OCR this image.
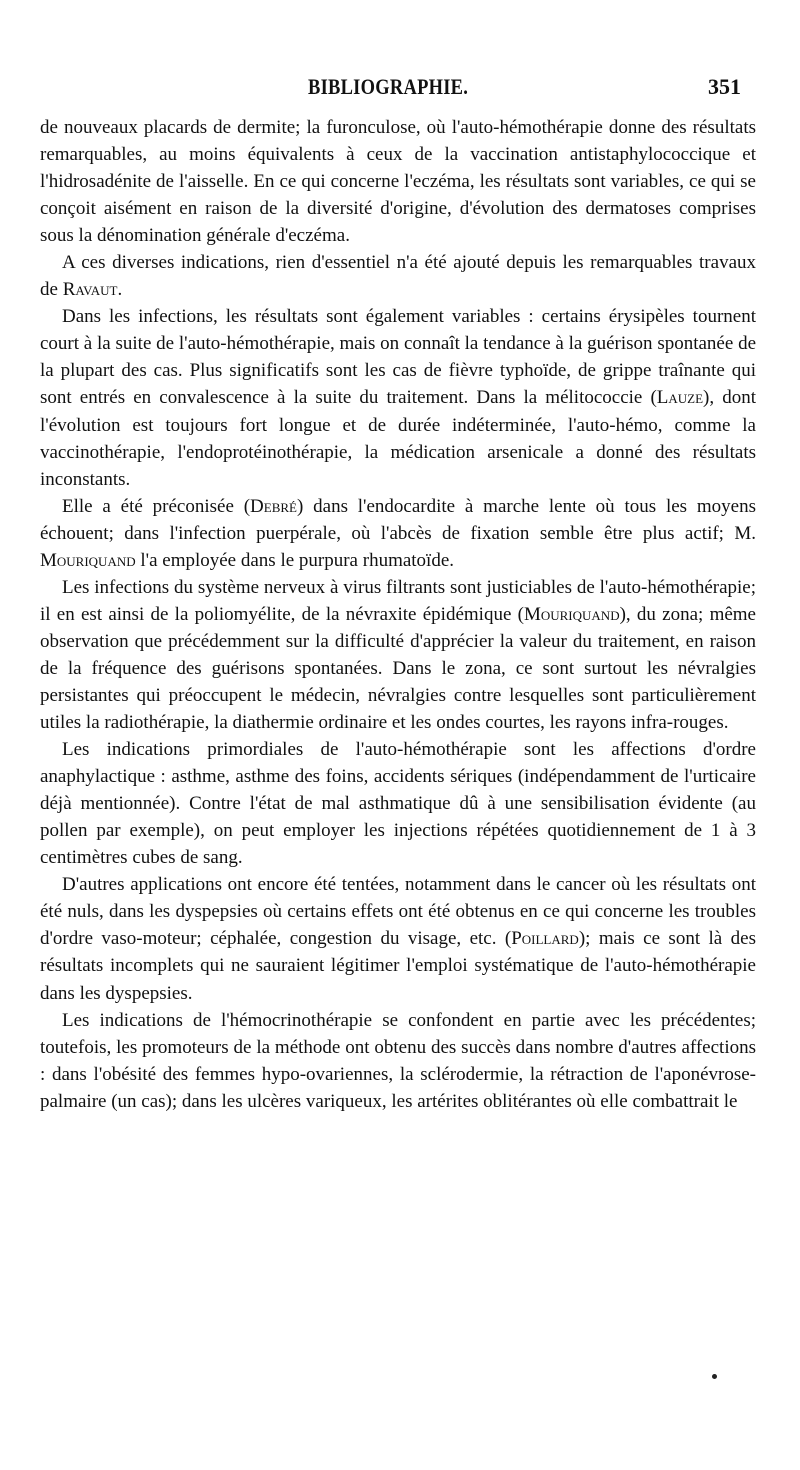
BIBLIOGRAPHIE.	351

de nouveaux placards de dermite; la furonculose, où l'auto-hémothérapie donne des résultats remarquables, au moins équivalents à ceux de la vaccination antistaphylococcique et l'hidrosadénite de l'aisselle. En ce qui concerne l'eczéma, les résultats sont variables, ce qui se conçoit aisément en raison de la diversité d'origine, d'évolution des dermatoses comprises sous la dénomination générale d'eczéma.

A ces diverses indications, rien d'essentiel n'a été ajouté depuis les remarquables travaux de Ravaut.

Dans les infections, les résultats sont également variables : certains érysipèles tournent court à la suite de l'auto-hémothérapie, mais on connaît la tendance à la guérison spontanée de la plupart des cas. Plus significatifs sont les cas de fièvre typhoïde, de grippe traînante qui sont entrés en convalescence à la suite du traitement. Dans la mélitococcie (Lauze), dont l'évolution est toujours fort longue et de durée indéterminée, l'auto-hémo, comme la vaccinothérapie, l'endoprotéinothérapie, la médication arsenicale a donné des résultats inconstants.

Elle a été préconisée (Debré) dans l'endocardite à marche lente où tous les moyens échouent; dans l'infection puerpérale, où l'abcès de fixation semble être plus actif; M. Mouriquand l'a employée dans le purpura rhumatoïde.

Les infections du système nerveux à virus filtrants sont justiciables de l'auto-hémothérapie; il en est ainsi de la poliomyélite, de la névraxite épidémique (Mouriquand), du zona; même observation que précédemment sur la difficulté d'apprécier la valeur du traitement, en raison de la fréquence des guérisons spontanées. Dans le zona, ce sont surtout les névralgies persistantes qui préoccupent le médecin, névralgies contre lesquelles sont particulièrement utiles la radiothérapie, la diathermie ordinaire et les ondes courtes, les rayons infra-rouges.

Les indications primordiales de l'auto-hémothérapie sont les affections d'ordre anaphylactique : asthme, asthme des foins, accidents sériques (indépendamment de l'urticaire déjà mentionnée). Contre l'état de mal asthmatique dû à une sensibilisation évidente (au pollen par exemple), on peut employer les injections répétées quotidiennement de 1 à 3 centimètres cubes de sang.

D'autres applications ont encore été tentées, notamment dans le cancer où les résultats ont été nuls, dans les dyspepsies où certains effets ont été obtenus en ce qui concerne les troubles d'ordre vaso-moteur; céphalée, congestion du visage, etc. (Poillard); mais ce sont là des résultats incomplets qui ne sauraient légitimer l'emploi systématique de l'auto-hémothérapie dans les dyspepsies.

Les indications de l'hémocrinothérapie se confondent en partie avec les précédentes; toutefois, les promoteurs de la méthode ont obtenu des succès dans nombre d'autres affections : dans l'obésité des femmes hypo-ovariennes, la sclérodermie, la rétraction de l'aponévrose-palmaire (un cas); dans les ulcères variqueux, les artérites oblitérantes où elle combattrait le
